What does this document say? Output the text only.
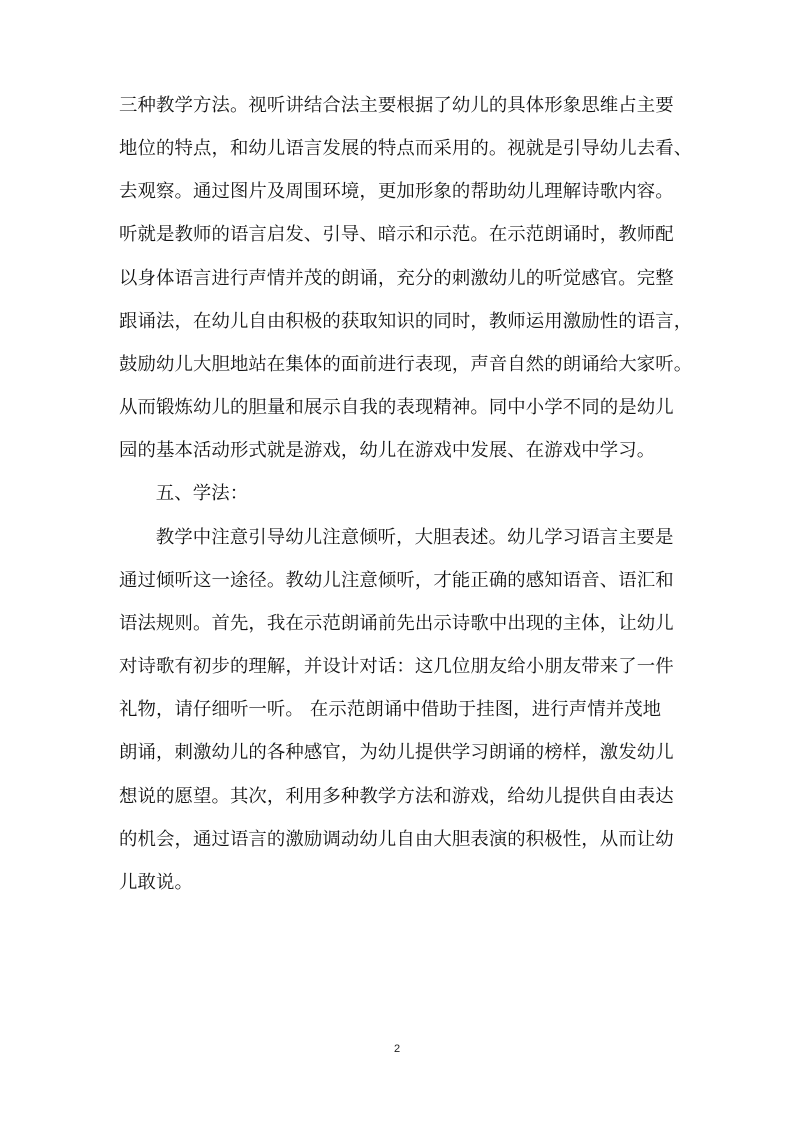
三种教学方法。视听讲结合法主要根据了幼儿的具体形象思维占主要
地位的特点，和幼儿语言发展的特点而采用的。视就是引导幼儿去看、
去观察。通过图片及周围环境，更加形象的帮助幼儿理解诗歌内容。
听就是教师的语言启发、引导、暗示和示范。在示范朗诵时，教师配
以身体语言进行声情并茂的朗诵，充分的刺激幼儿的听觉感官。完整
跟诵法，在幼儿自由积极的获取知识的同时，教师运用激励性的语言，
鼓励幼儿大胆地站在集体的面前进行表现，声音自然的朗诵给大家听。
从而锻炼幼儿的胆量和展示自我的表现精神。同中小学不同的是幼儿
园的基本活动形式就是游戏，幼儿在游戏中发展、在游戏中学习。

五、学法：

教学中注意引导幼儿注意倾听，大胆表述。幼儿学习语言主要是
通过倾听这一途径。教幼儿注意倾听，才能正确的感知语音、语汇和
语法规则。首先，我在示范朗诵前先出示诗歌中出现的主体，让幼儿
对诗歌有初步的理解，并设计对话：这几位朋友给小朋友带来了一件
礼物，请仔细听一听。 在示范朗诵中借助于挂图，进行声情并茂地
朗诵，刺激幼儿的各种感官，为幼儿提供学习朗诵的榜样，激发幼儿
想说的愿望。其次，利用多种教学方法和游戏，给幼儿提供自由表达
的机会，通过语言的激励调动幼儿自由大胆表演的积极性，从而让幼
儿敢说。

2
